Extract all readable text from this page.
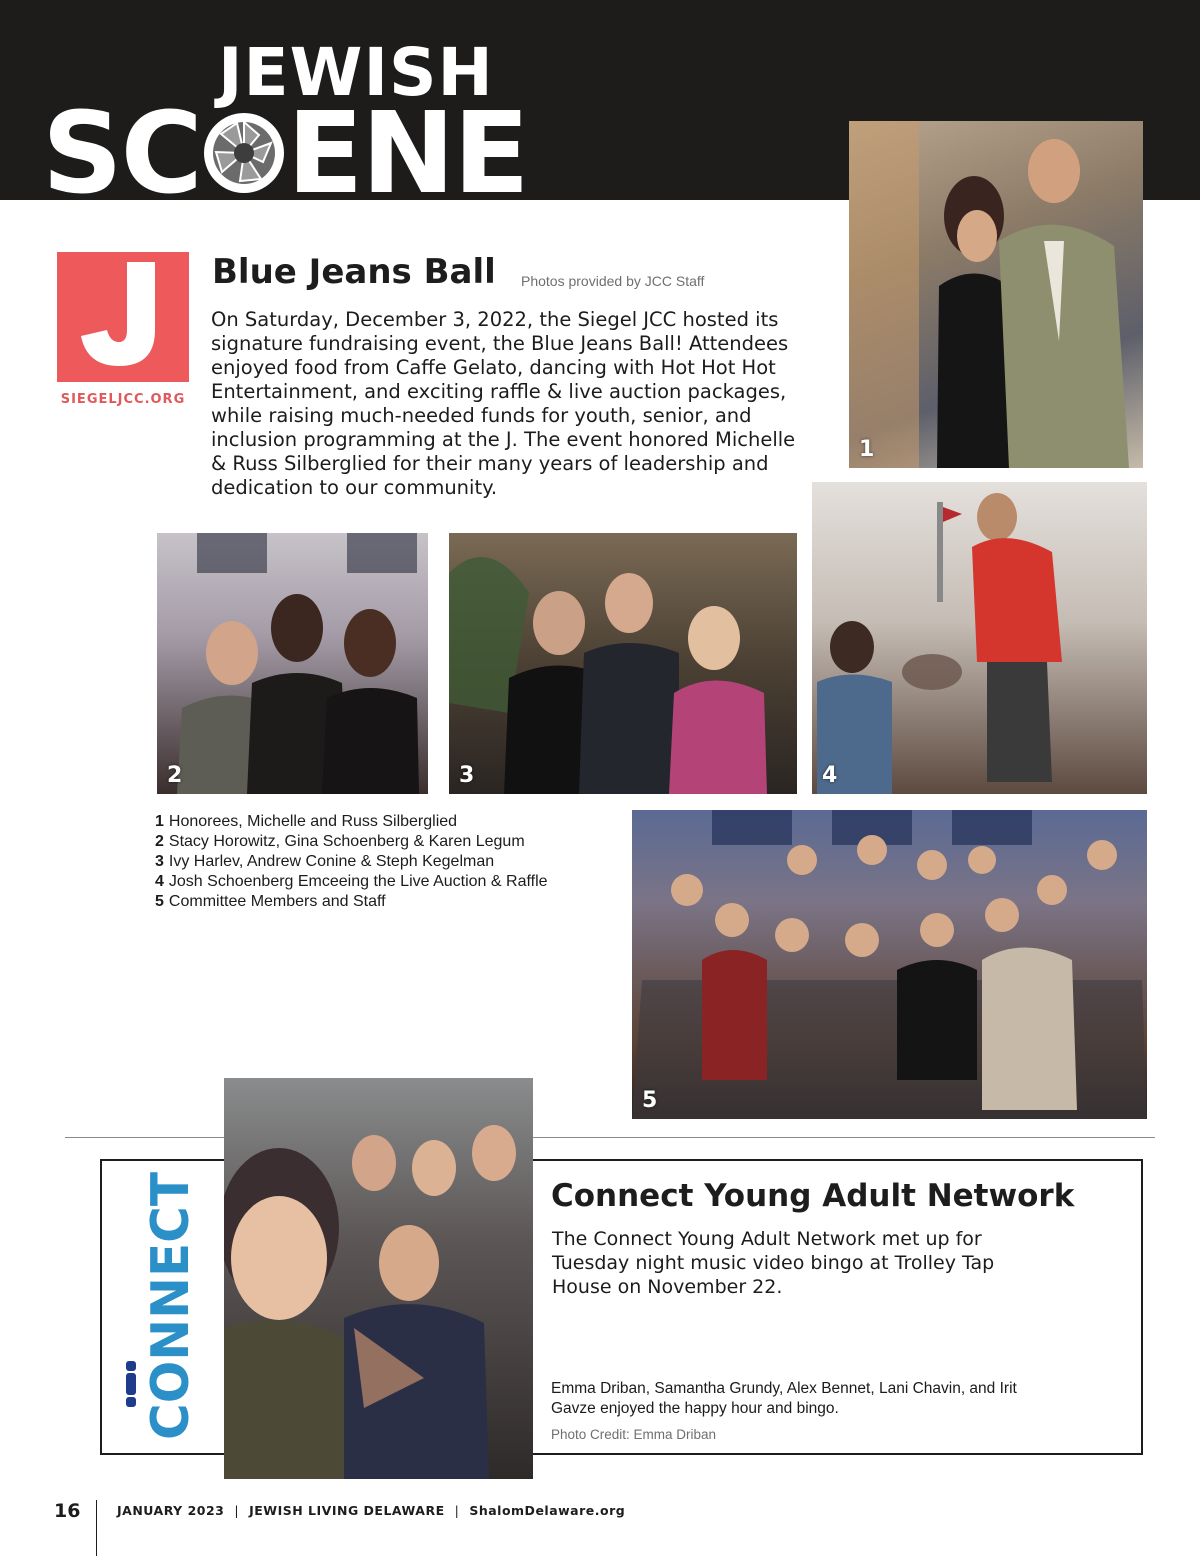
JEWISH
SC ENE
1
2	3	4
5
SIEGELJCC.ORG
Blue Jeans Ball Photos provided by JCC Staff
On Saturday, December 3, 2022, the Siegel JCC hosted its signature fundraising event, the Blue Jeans Ball! Attendees enjoyed food from Caffe Gelato, dancing with Hot Hot Hot Entertainment, and exciting raffle & live auction packages, while raising much-needed funds for youth, senior, and inclusion programming at the J. The event honored Michelle & Russ Silberglied for their many years of leadership and dedication to our community.
1 Honorees, Michelle and Russ Silberglied
2 Stacy Horowitz, Gina Schoenberg & Karen Legum
3 Ivy Harlev, Andrew Conine & Steph Kegelman
4 Josh Schoenberg Emceeing the Live Auction & Raffle
5 Committee Members and Staff
CONNECT	Connect Young Adult Network
The Connect Young Adult Network met up for Tuesday night music video bingo at Trolley Tap House on November 22.
Emma Driban, Samantha Grundy, Alex Bennet, Lani Chavin, and Irit Gavze enjoyed the happy hour and bingo.
Photo Credit: Emma Driban
16	JANUARY 2023 | JEWISH LIVING DELAWARE | ShalomDelaware.org
